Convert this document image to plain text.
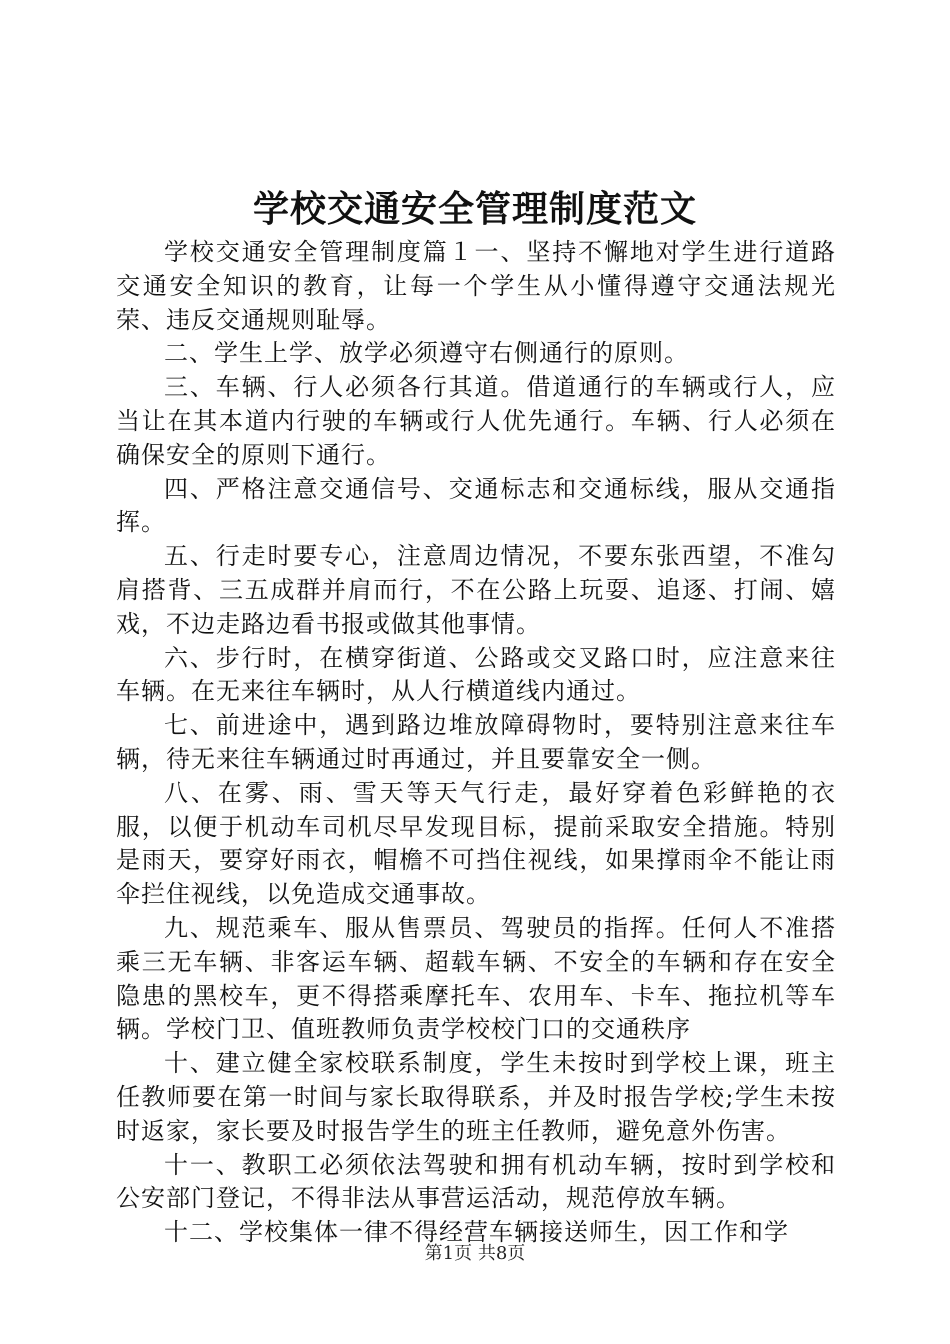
学校交通安全管理制度范文

学校交通安全管理制度篇１一、坚持不懈地对学生进行道路交通安全知识的教育，让每一个学生从小懂得遵守交通法规光荣、违反交通规则耻辱。

二、学生上学、放学必须遵守右侧通行的原则。

三、车辆、行人必须各行其道。借道通行的车辆或行人，应当让在其本道内行驶的车辆或行人优先通行。车辆、行人必须在确保安全的原则下通行。

四、严格注意交通信号、交通标志和交通标线，服从交通指挥。

五、行走时要专心，注意周边情况，不要东张西望，不准勾肩搭背、三五成群并肩而行，不在公路上玩耍、追逐、打闹、嬉戏，不边走路边看书报或做其他事情。

六、步行时，在横穿街道、公路或交叉路口时，应注意来往车辆。在无来往车辆时，从人行横道线内通过。

七、前进途中，遇到路边堆放障碍物时，要特别注意来往车辆，待无来往车辆通过时再通过，并且要靠安全一侧。

八、在雾、雨、雪天等天气行走，最好穿着色彩鲜艳的衣服，以便于机动车司机尽早发现目标，提前采取安全措施。特别是雨天，要穿好雨衣，帽檐不可挡住视线，如果撑雨伞不能让雨伞拦住视线，以免造成交通事故。

九、规范乘车、服从售票员、驾驶员的指挥。任何人不准搭乘三无车辆、非客运车辆、超载车辆、不安全的车辆和存在安全隐患的黑校车，更不得搭乘摩托车、农用车、卡车、拖拉机等车辆。学校门卫、值班教师负责学校校门口的交通秩序

十、建立健全家校联系制度，学生未按时到学校上课，班主任教师要在第一时间与家长取得联系，并及时报告学校;学生未按时返家，家长要及时报告学生的班主任教师，避免意外伤害。

十一、教职工必须依法驾驶和拥有机动车辆，按时到学校和公安部门登记，不得非法从事营运活动，规范停放车辆。

十二、学校集体一律不得经营车辆接送师生，因工作和学

第1页 共8页
